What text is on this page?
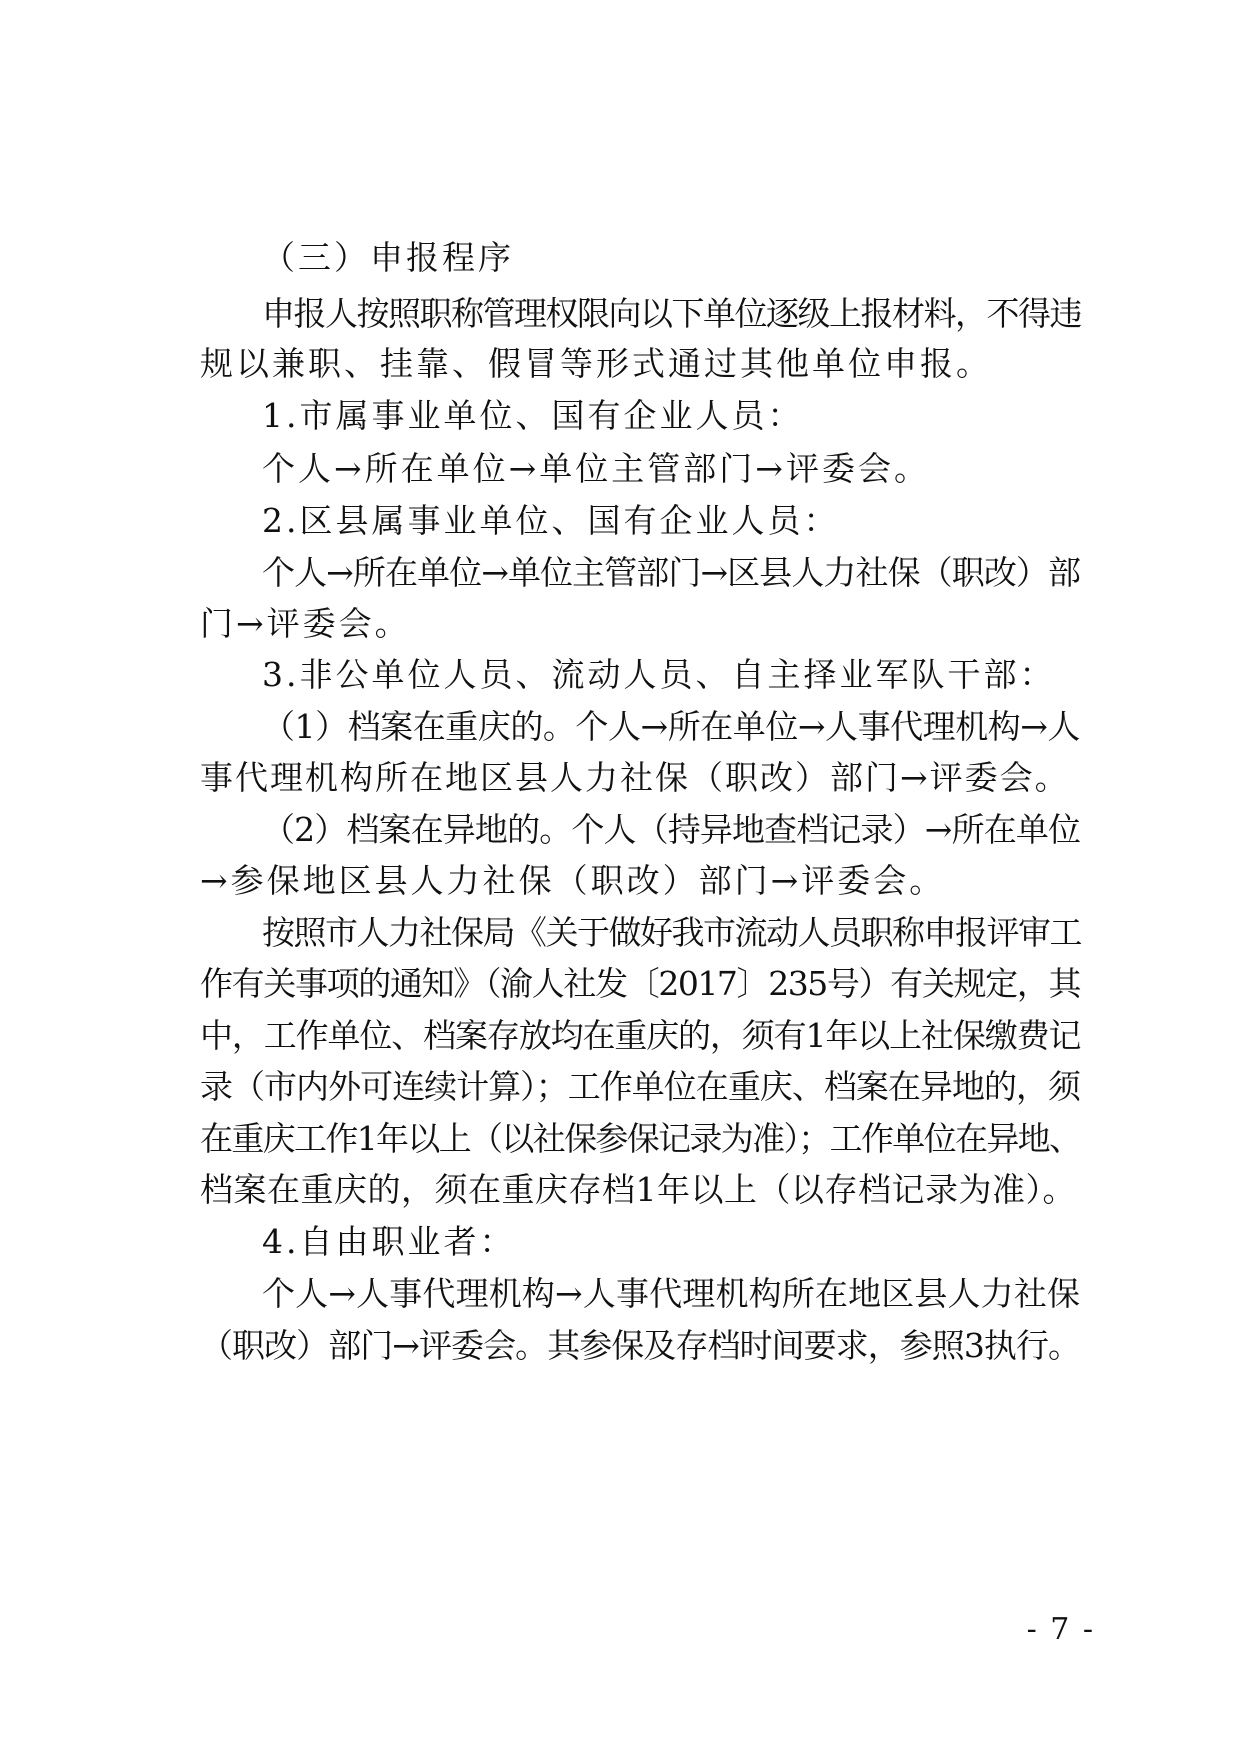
（三）申报程序
申报人按照职称管理权限向以下单位逐级上报材料，不得违
规以兼职、挂靠、假冒等形式通过其他单位申报。
1.市属事业单位、国有企业人员：
个人→所在单位→单位主管部门→评委会。
2.区县属事业单位、国有企业人员：
个人→所在单位→单位主管部门→区县人力社保（职改）部
门→评委会。
3.非公单位人员、流动人员、自主择业军队干部：
（1）档案在重庆的。个人→所在单位→人事代理机构→人
事代理机构所在地区县人力社保（职改）部门→评委会。
（2）档案在异地的。个人（持异地查档记录）→所在单位
→参保地区县人力社保（职改）部门→评委会。
按照市人力社保局《关于做好我市流动人员职称申报评审工
作有关事项的通知》（渝人社发〔2017〕235号）有关规定，其
中，工作单位、档案存放均在重庆的，须有1年以上社保缴费记
录（市内外可连续计算）；工作单位在重庆、档案在异地的，须
在重庆工作1年以上（以社保参保记录为准）；工作单位在异地、
档案在重庆的，须在重庆存档1年以上（以存档记录为准）。
4.自由职业者：
个人→人事代理机构→人事代理机构所在地区县人力社保
（职改）部门→评委会。其参保及存档时间要求，参照3执行。
- 7 -
